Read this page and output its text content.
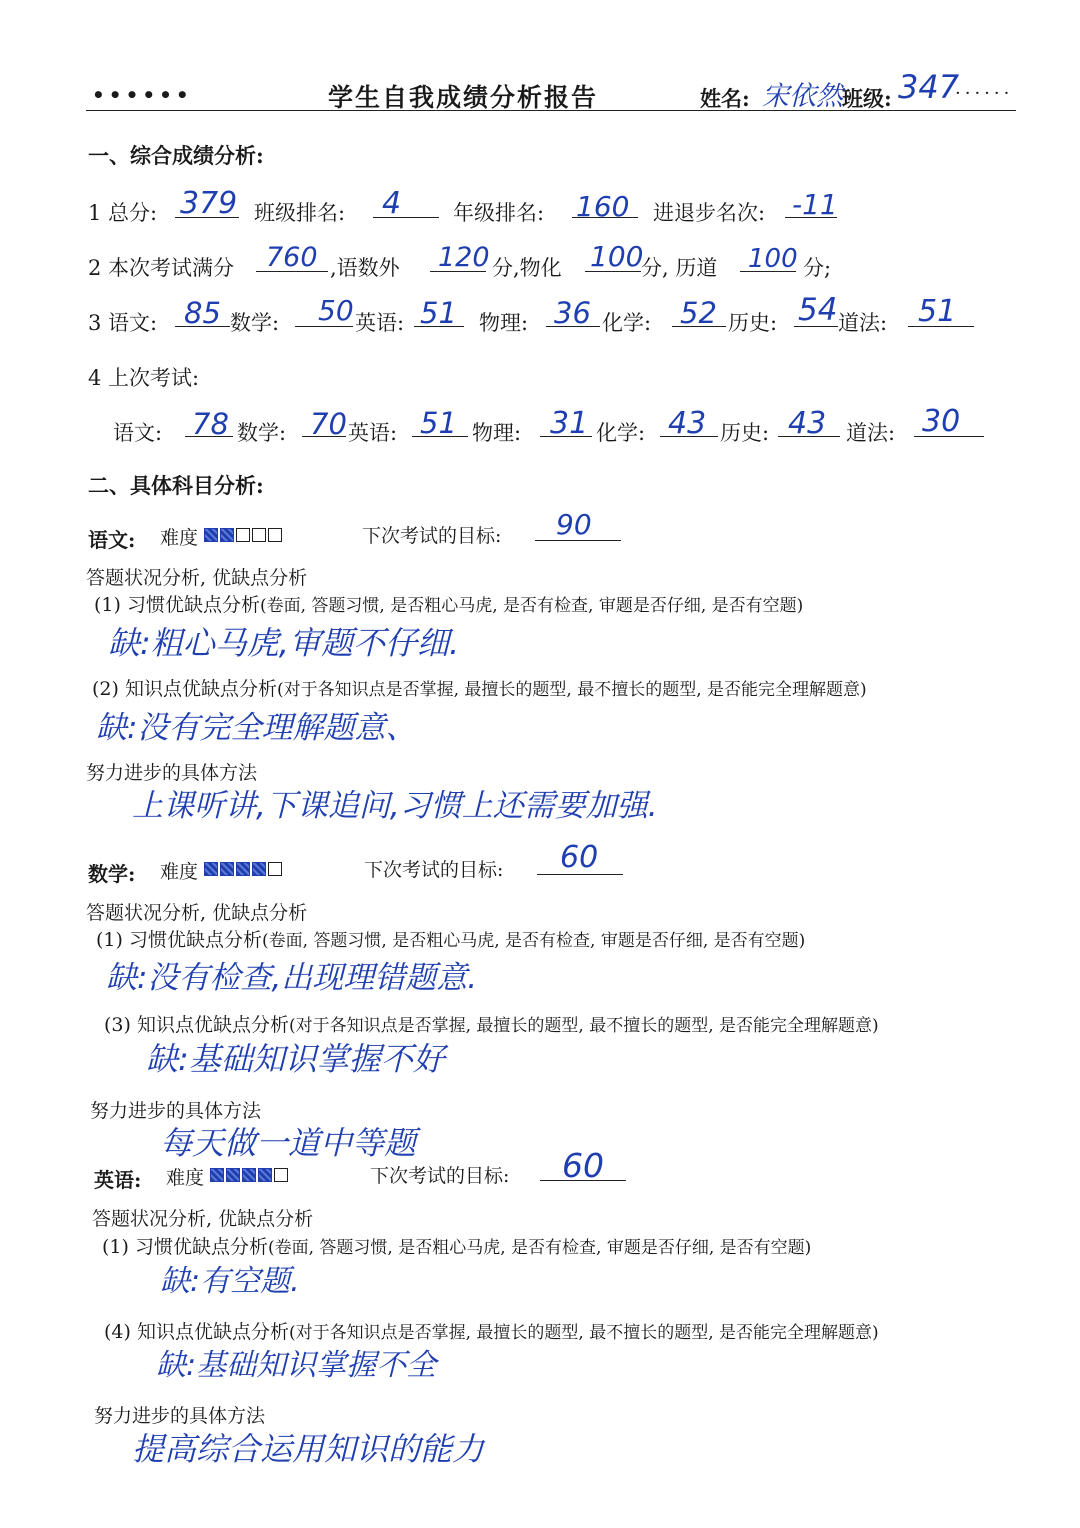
••••••	学生自我成绩分析报告	姓名: 宋依然 班级: 347
······
一、综合成绩分析:
1 总分: 379 班级排名: 4 年级排名: 160 进退步名次: -11
2 本次考试满分 760 ,语数外 120 分,物化 100
分, 历道 100 分;
3 语文: 85 数学: 50 英语: 51 物理: 36 化学: 52 历史: 54 道法: 51
4 上次考试:
语文: 78 数学: 70 英语: 51 物理: 31 化学: 43 历史: 43 道法: 30
二、具体科目分析:
语文: 难度	下次考试的目标: 90
答题状况分析, 优缺点分析
(1) 习惯优缺点分析(卷面, 答题习惯, 是否粗心马虎, 是否有检查, 审题是否仔细, 是否有空题)
缺:粗心马虎,审题不仔细.
(2) 知识点优缺点分析(对于各知识点是否掌握, 最擅长的题型, 最不擅长的题型, 是否能完全理解题意)
缺:没有完全理解题意、
努力进步的具体方法
上课听讲,下课追问,习惯上还需要加强.
数学: 难度	下次考试的目标: 60
答题状况分析, 优缺点分析
(1) 习惯优缺点分析(卷面, 答题习惯, 是否粗心马虎, 是否有检查, 审题是否仔细, 是否有空题)
缺:没有检查,出现理错题意.
(3) 知识点优缺点分析(对于各知识点是否掌握, 最擅长的题型, 最不擅长的题型, 是否能完全理解题意)
缺:基础知识掌握不好
努力进步的具体方法
每天做一道中等题
英语: 难度	下次考试的目标: 60
答题状况分析, 优缺点分析
(1) 习惯优缺点分析(卷面, 答题习惯, 是否粗心马虎, 是否有检查, 审题是否仔细, 是否有空题)
缺:有空题.
(4) 知识点优缺点分析(对于各知识点是否掌握, 最擅长的题型, 最不擅长的题型, 是否能完全理解题意)
缺:基础知识掌握不全
努力进步的具体方法
提高综合运用知识的能力
